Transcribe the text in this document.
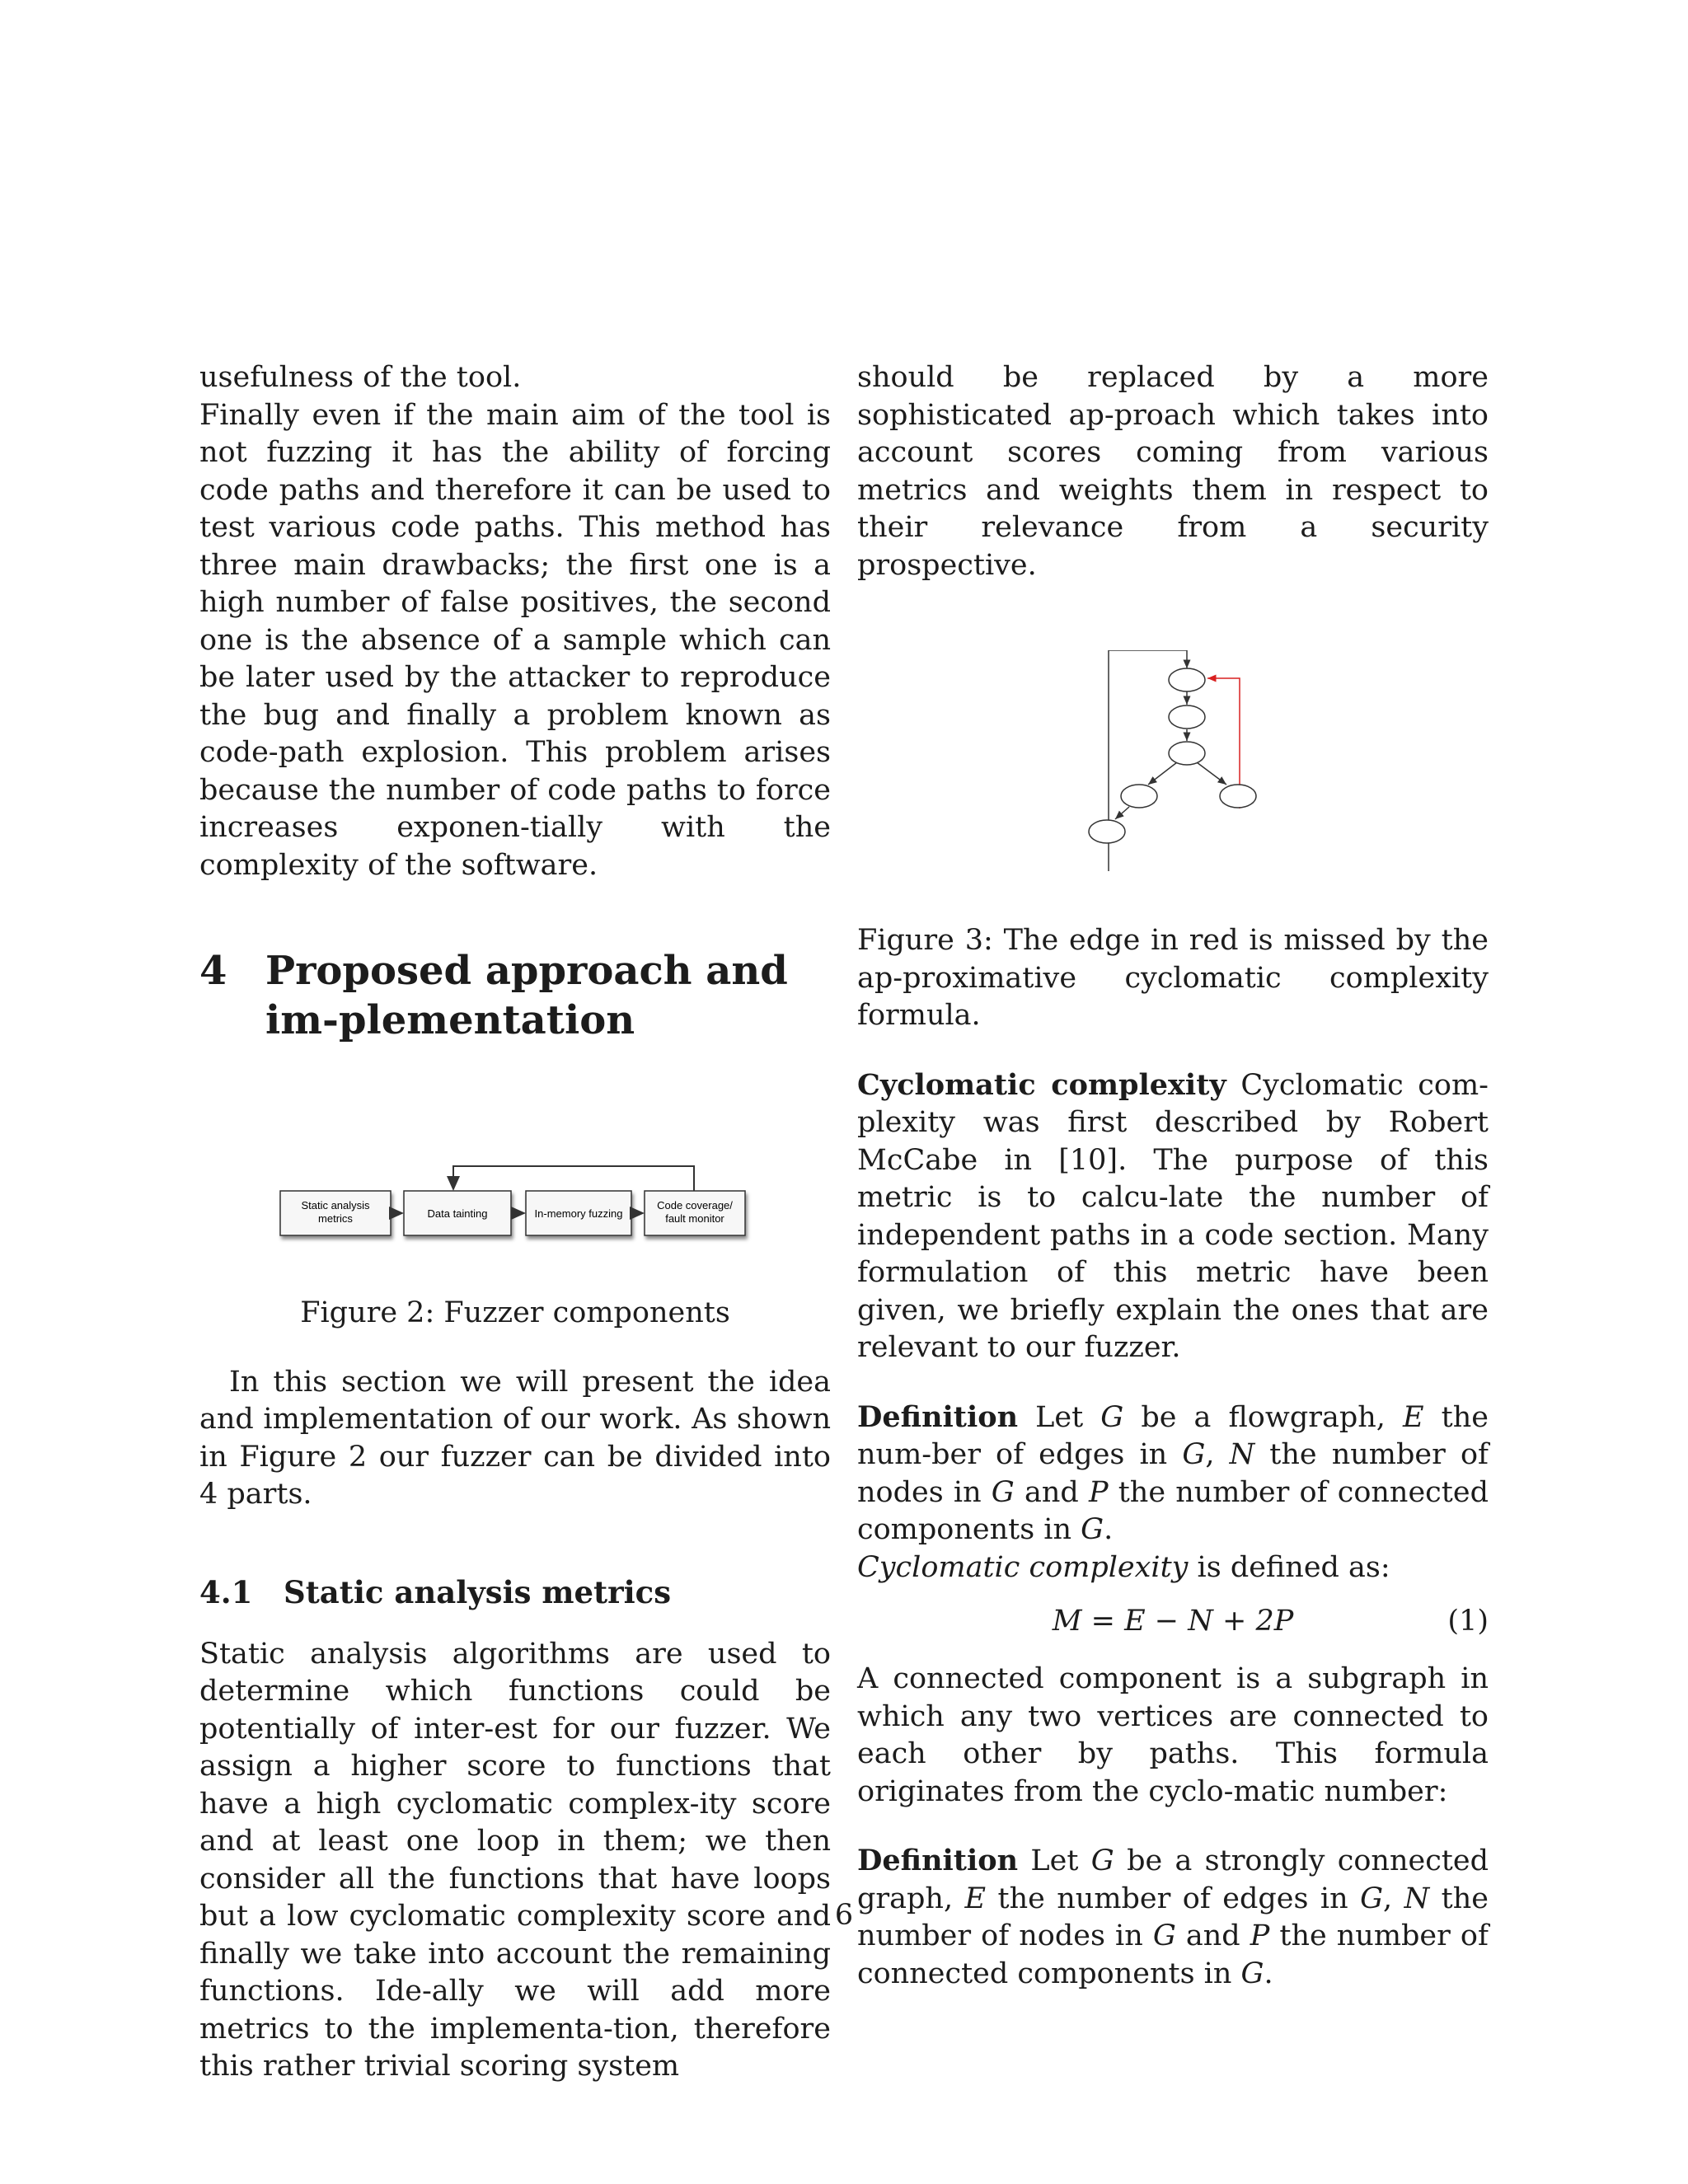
usefulness of the tool.

Finally even if the main aim of the tool is not fuzzing it has the ability of forcing code paths and therefore it can be used to test various code paths. This method has three main drawbacks; the first one is a high number of false positives, the second one is the absence of a sample which can be later used by the attacker to reproduce the bug and finally a problem known as code-path explosion. This problem arises because the number of code paths to force increases exponen-tially with the complexity of the software.

4 Proposed approach and im-plementation
Static analysis
metrics	Data tainting	In-memory fuzzing
Code coverage/
fault monitor

Figure 2: Fuzzer components

In this section we will present the idea and implementation of our work. As shown in Figure 2 our fuzzer can be divided into 4 parts.

4.1	Static analysis metrics

Static analysis algorithms are used to determine which functions could be potentially of inter-est for our fuzzer. We assign a higher score to functions that have a high cyclomatic complex-ity score and at least one loop in them; we then consider all the functions that have loops but a low cyclomatic complexity score and finally we take into account the remaining functions. Ide-ally we will add more metrics to the implementa-tion, therefore this rather trivial scoring system

should be replaced by a more sophisticated ap-proach which takes into account scores coming from various metrics and weights them in respect to their relevance from a security prospective.

Figure 3: The edge in red is missed by the ap-proximative cyclomatic complexity formula.

Cyclomatic complexity Cyclomatic com-plexity was first described by Robert McCabe in [10]. The purpose of this metric is to calcu-late the number of independent paths in a code section. Many formulation of this metric have been given, we briefly explain the ones that are relevant to our fuzzer.

Definition Let G be a flowgraph, E the num-ber of edges in G, N the number of nodes in G and P the number of connected components in G.

Cyclomatic complexity is defined as:

M = E − N + 2P	(1)

A connected component is a subgraph in which any two vertices are connected to each other by paths. This formula originates from the cyclo-matic number:

Definition Let G be a strongly connected graph, E the number of edges in G, N the number of nodes in G and P the number of connected components in G.

6
